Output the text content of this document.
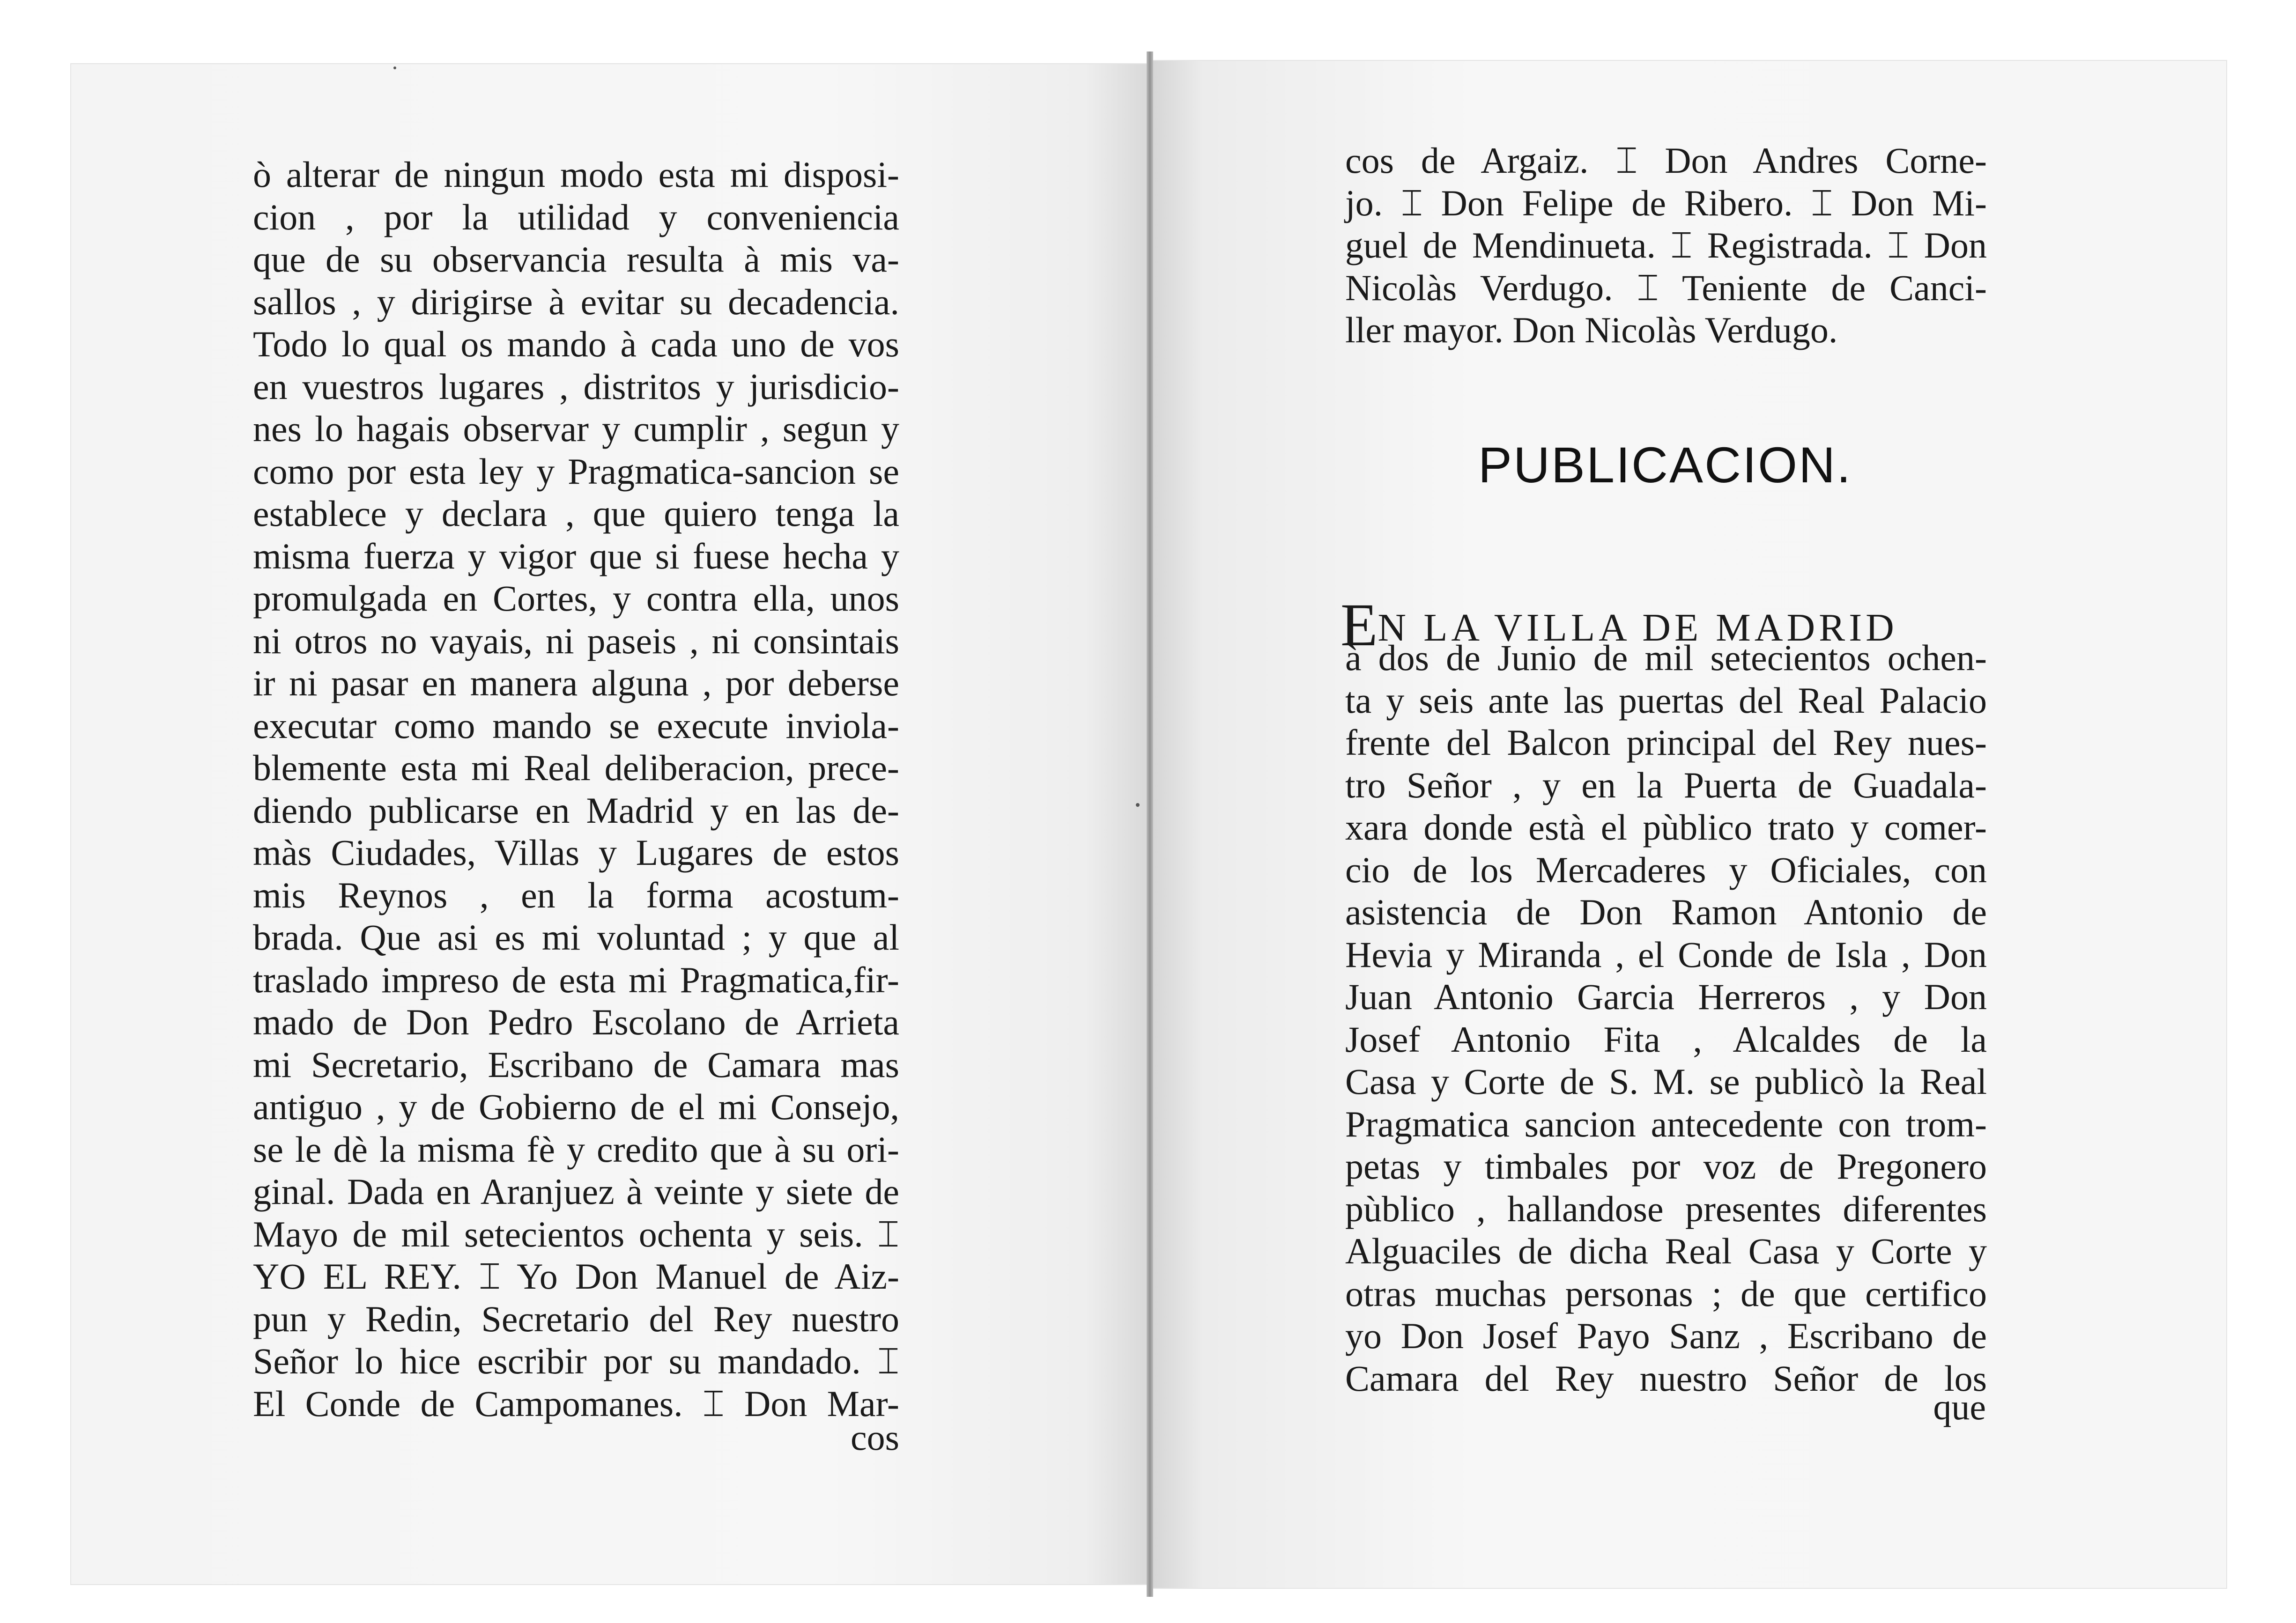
ò alterar de ningun modo esta mi disposi-
cion , por la utilidad y conveniencia
que de su observancia resulta à mis va-
sallos , y dirigirse à evitar su decadencia.
Todo lo qual os mando à cada uno de vos
en vuestros lugares , distritos y jurisdicio-
nes lo hagais observar y cumplir , segun y
como por esta ley y Pragmatica-sancion se
establece y declara , que quiero tenga la
misma fuerza y vigor que si fuese hecha y
promulgada en Cortes, y contra ella, unos
ni otros no vayais, ni paseis , ni consintais
ir ni pasar en manera alguna , por deberse
executar como mando se execute inviola-
blemente esta mi Real deliberacion, prece-
diendo publicarse en Madrid y en las de-
màs Ciudades, Villas y Lugares de estos
mis Reynos , en la forma acostum-
brada. Que asi es mi voluntad ; y que al
traslado impreso de esta mi Pragmatica,fir-
mado de Don Pedro Escolano de Arrieta
mi Secretario, Escribano de Camara mas
antiguo , y de Gobierno de el mi Consejo,
se le dè la misma fè y credito que à su ori-
ginal. Dada en Aranjuez à veinte y siete de
Mayo de mil setecientos ochenta y seis. ⌶
YO EL REY. ⌶ Yo Don Manuel de Aiz-
pun y Redin, Secretario del Rey nuestro
Señor lo hice escribir por su mandado. ⌶
El Conde de Campomanes. ⌶ Don Mar-
cos
cos de Argaiz. ⌶ Don Andres Corne-
jo. ⌶ Don Felipe de Ribero. ⌶ Don Mi-
guel de Mendinueta. ⌶ Registrada. ⌶ Don
Nicolàs Verdugo. ⌶ Teniente de Canci-
ller mayor. Don Nicolàs Verdugo.
PUBLICACION.
EN LA VILLA DE MADRID
à dos de Junio de mil setecientos ochen-
ta y seis ante las puertas del Real Palacio
frente del Balcon principal del Rey nues-
tro Señor , y en la Puerta de Guadala-
xara donde està el pùblico trato y comer-
cio de los Mercaderes y Oficiales, con
asistencia de Don Ramon Antonio de
Hevia y Miranda , el Conde de Isla , Don
Juan Antonio Garcia Herreros , y Don
Josef Antonio Fita , Alcaldes de la
Casa y Corte de S. M. se publicò la Real
Pragmatica sancion antecedente con trom-
petas y timbales por voz de Pregonero
pùblico , hallandose presentes diferentes
Alguaciles de dicha Real Casa y Corte y
otras muchas personas ; de que certifico
yo Don Josef Payo Sanz , Escribano de
Camara del Rey nuestro Señor de los
que
